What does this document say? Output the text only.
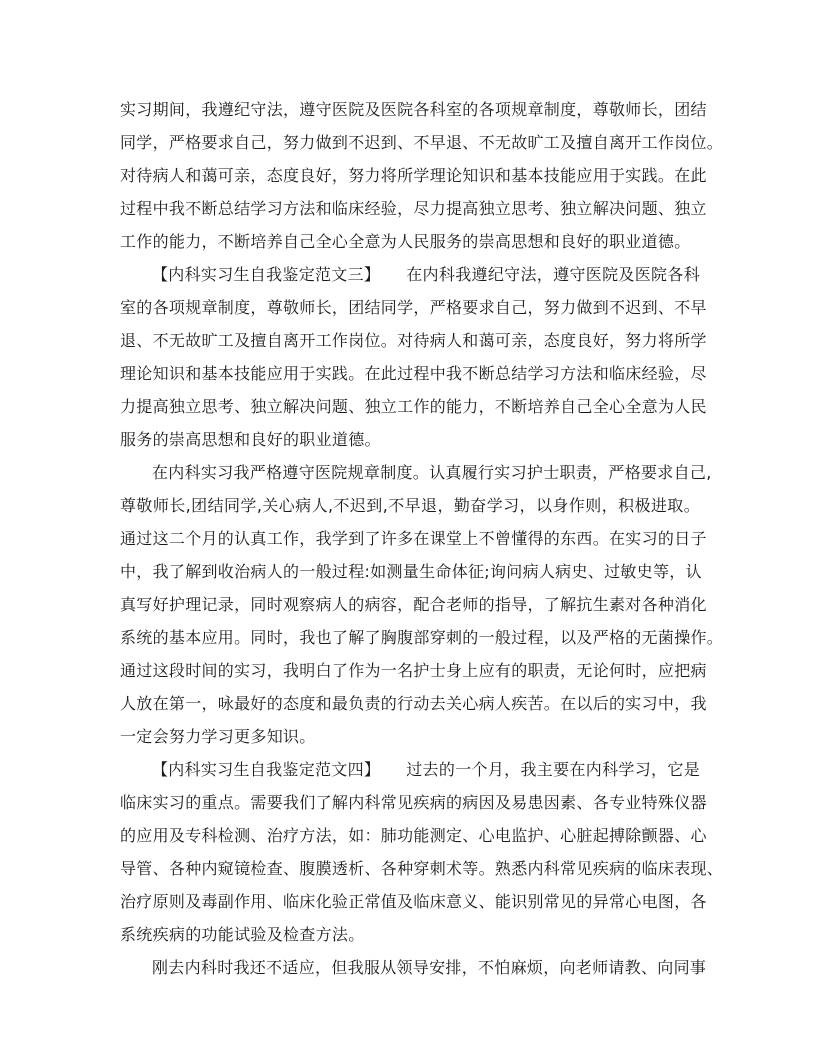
实习期间，我遵纪守法，遵守医院及医院各科室的各项规章制度，尊敬师长，团结
同学，严格要求自己，努力做到不迟到、不早退、不无故旷工及擅自离开工作岗位。
对待病人和蔼可亲，态度良好，努力将所学理论知识和基本技能应用于实践。在此
过程中我不断总结学习方法和临床经验，尽力提高独立思考、独立解决问题、独立
工作的能力，不断培养自己全心全意为人民服务的崇高思想和良好的职业道德。
【内科实习生自我鉴定范文三】 在内科我遵纪守法，遵守医院及医院各科
室的各项规章制度，尊敬师长，团结同学，严格要求自己，努力做到不迟到、不早
退、不无故旷工及擅自离开工作岗位。对待病人和蔼可亲，态度良好，努力将所学
理论知识和基本技能应用于实践。在此过程中我不断总结学习方法和临床经验，尽
力提高独立思考、独立解决问题、独立工作的能力，不断培养自己全心全意为人民
服务的崇高思想和良好的职业道德。
在内科实习我严格遵守医院规章制度。认真履行实习护士职责，严格要求自己,
尊敬师长,团结同学,关心病人,不迟到,不早退，勤奋学习，以身作则，积极进取。
通过这二个月的认真工作，我学到了许多在课堂上不曾懂得的东西。在实习的日子
中，我了解到收治病人的一般过程:如测量生命体征;询问病人病史、过敏史等，认
真写好护理记录，同时观察病人的病容，配合老师的指导，了解抗生素对各种消化
系统的基本应用。同时，我也了解了胸腹部穿刺的一般过程，以及严格的无菌操作。
通过这段时间的实习，我明白了作为一名护士身上应有的职责，无论何时，应把病
人放在第一，咏最好的态度和最负责的行动去关心病人疾苦。在以后的实习中，我
一定会努力学习更多知识。
【内科实习生自我鉴定范文四】 过去的一个月，我主要在内科学习，它是
临床实习的重点。需要我们了解内科常见疾病的病因及易患因素、各专业特殊仪器
的应用及专科检测、治疗方法，如：肺功能测定、心电监护、心脏起搏除颤器、心
导管、各种内窥镜检查、腹膜透析、各种穿刺术等。熟悉内科常见疾病的临床表现、
治疗原则及毒副作用、临床化验正常值及临床意义、能识别常见的异常心电图，各
系统疾病的功能试验及检查方法。
刚去内科时我还不适应，但我服从领导安排，不怕麻烦，向老师请教、向同事
